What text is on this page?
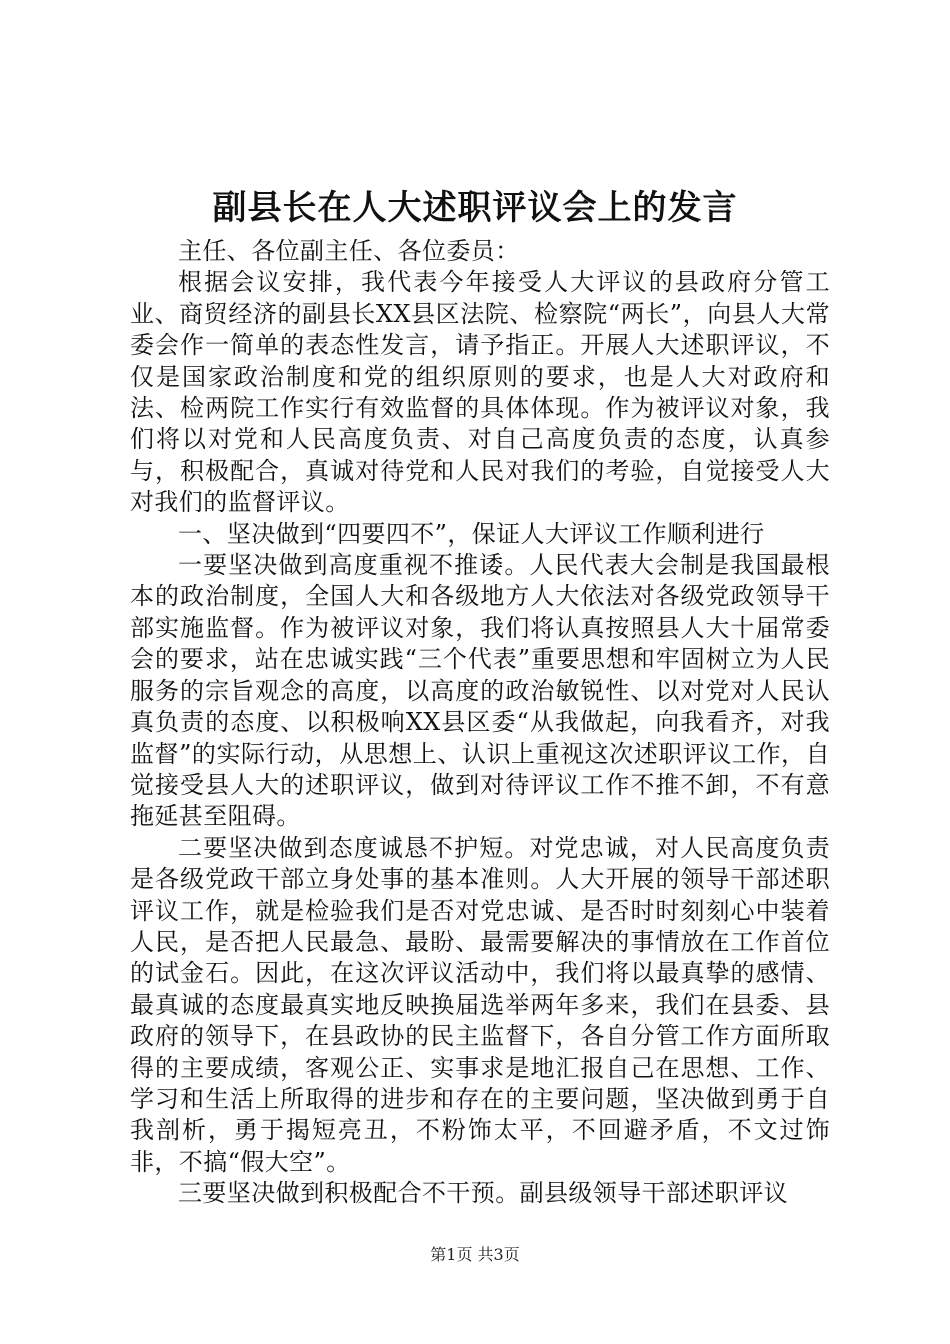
副县长在人大述职评议会上的发言

主任、各位副主任、各位委员：

根据会议安排，我代表今年接受人大评议的县政府分管工业、商贸经济的副县长XX县区法院、检察院“两长”，向县人大常委会作一简单的表态性发言，请予指正。开展人大述职评议，不仅是国家政治制度和党的组织原则的要求，也是人大对政府和法、检两院工作实行有效监督的具体体现。作为被评议对象，我们将以对党和人民高度负责、对自己高度负责的态度，认真参与，积极配合，真诚对待党和人民对我们的考验，自觉接受人大对我们的监督评议。

一、坚决做到“四要四不”，保证人大评议工作顺利进行

一要坚决做到高度重视不推诿。人民代表大会制是我国最根本的政治制度，全国人大和各级地方人大依法对各级党政领导干部实施监督。作为被评议对象，我们将认真按照县人大十届常委会的要求，站在忠诚实践“三个代表”重要思想和牢固树立为人民服务的宗旨观念的高度，以高度的政治敏锐性、以对党对人民认真负责的态度、以积极响XX县区委“从我做起，向我看齐，对我监督”的实际行动，从思想上、认识上重视这次述职评议工作，自觉接受县人大的述职评议，做到对待评议工作不推不卸，不有意拖延甚至阻碍。

二要坚决做到态度诚恳不护短。对党忠诚，对人民高度负责是各级党政干部立身处事的基本准则。人大开展的领导干部述职评议工作，就是检验我们是否对党忠诚、是否时时刻刻心中装着人民，是否把人民最急、最盼、最需要解决的事情放在工作首位的试金石。因此，在这次评议活动中，我们将以最真挚的感情、最真诚的态度最真实地反映换届选举两年多来，我们在县委、县政府的领导下，在县政协的民主监督下，各自分管工作方面所取得的主要成绩，客观公正、实事求是地汇报自己在思想、工作、学习和生活上所取得的进步和存在的主要问题，坚决做到勇于自我剖析，勇于揭短亮丑，不粉饰太平，不回避矛盾，不文过饰非，不搞“假大空”。

三要坚决做到积极配合不干预。副县级领导干部述职评议

第1页 共3页
